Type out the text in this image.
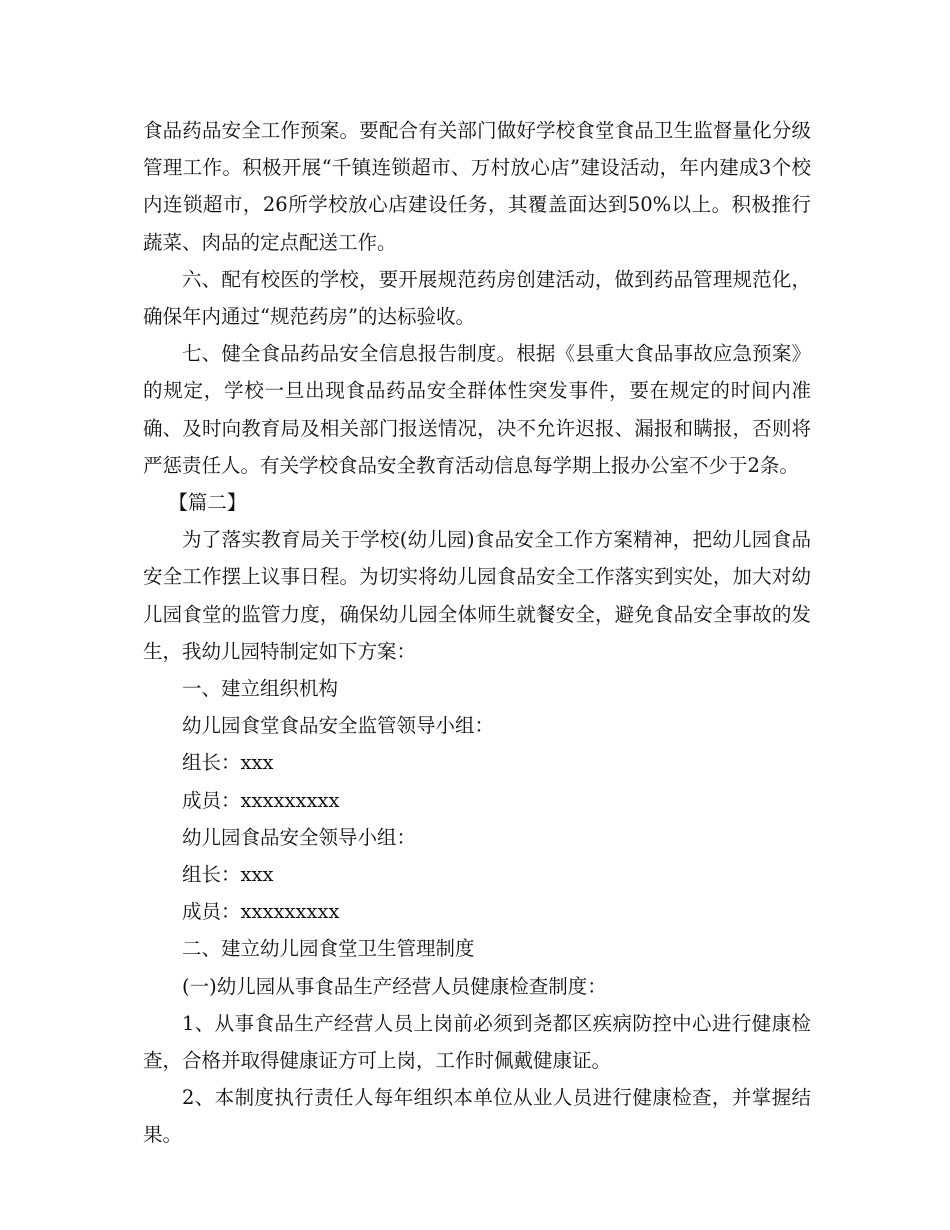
食品药品安全工作预案。要配合有关部门做好学校食堂食品卫生监督量化分级管理工作。积极开展“千镇连锁超市、万村放心店”建设活动，年内建成3个校内连锁超市，26所学校放心店建设任务，其覆盖面达到50%以上。积极推行蔬菜、肉品的定点配送工作。

六、配有校医的学校，要开展规范药房创建活动，做到药品管理规范化，确保年内通过“规范药房”的达标验收。

七、健全食品药品安全信息报告制度。根据《县重大食品事故应急预案》的规定，学校一旦出现食品药品安全群体性突发事件，要在规定的时间内准确、及时向教育局及相关部门报送情况，决不允许迟报、漏报和瞒报，否则将严惩责任人。有关学校食品安全教育活动信息每学期上报办公室不少于2条。

【篇二】

为了落实教育局关于学校(幼儿园)食品安全工作方案精神，把幼儿园食品安全工作摆上议事日程。为切实将幼儿园食品安全工作落实到实处，加大对幼儿园食堂的监管力度，确保幼儿园全体师生就餐安全，避免食品安全事故的发生，我幼儿园特制定如下方案：

一、建立组织机构

幼儿园食堂食品安全监管领导小组：

组长：xxx

成员：xxxxxxxxx

幼儿园食品安全领导小组：

组长：xxx

成员：xxxxxxxxx

二、建立幼儿园食堂卫生管理制度

(一)幼儿园从事食品生产经营人员健康检查制度：

1、从事食品生产经营人员上岗前必须到尧都区疾病防控中心进行健康检查，合格并取得健康证方可上岗，工作时佩戴健康证。

2、本制度执行责任人每年组织本单位从业人员进行健康检查，并掌握结果。
